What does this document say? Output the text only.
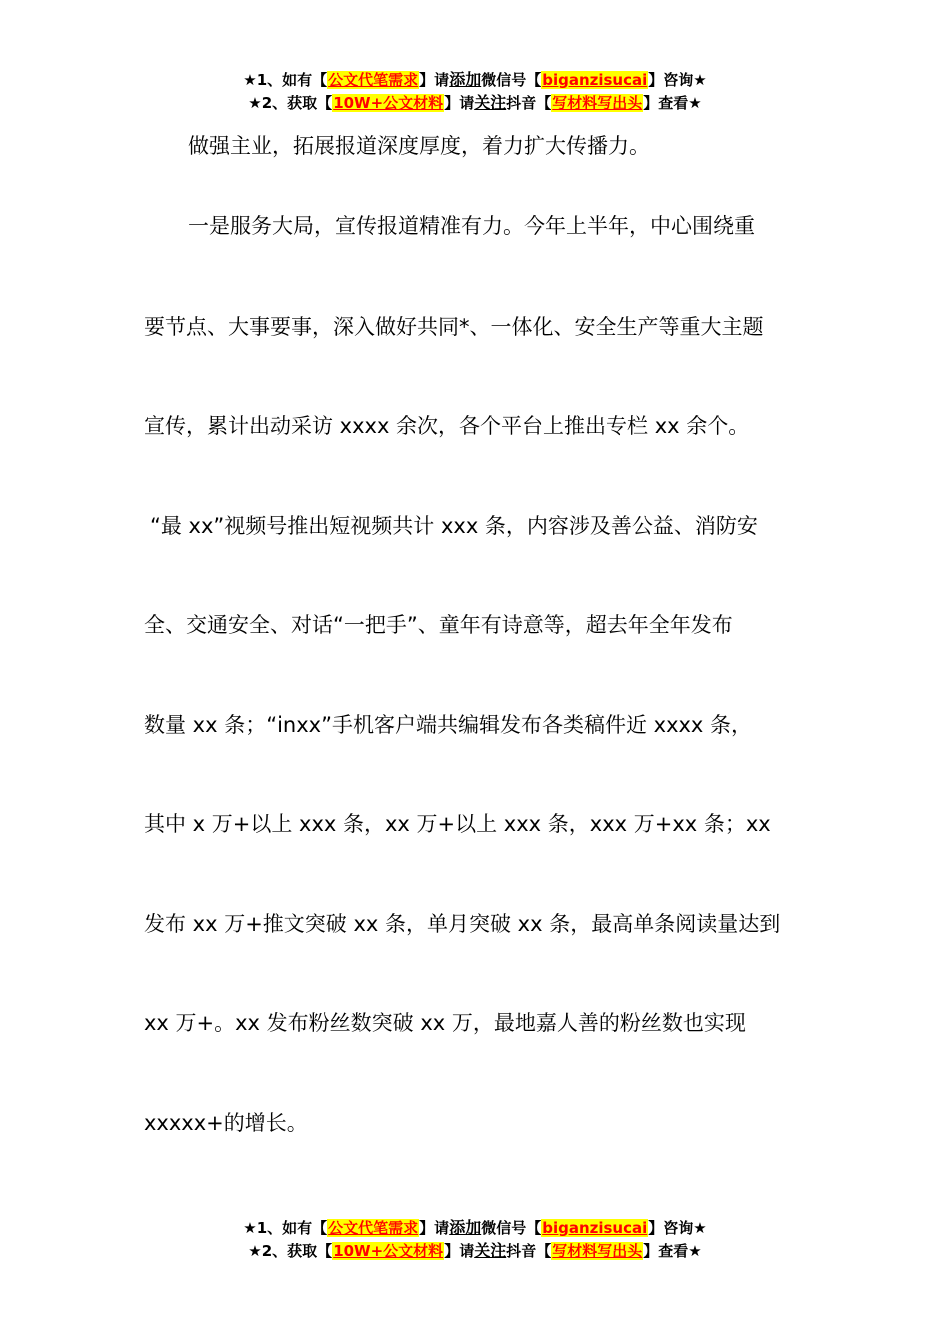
★1、如有【公文代笔需求】请添加微信号【biganzisucai】咨询★
★2、获取【10W+公文材料】请关注抖音【写材料写出头】查看★

做强主业，拓展报道深度厚度，着力扩大传播力。

一是服务大局，宣传报道精准有力。今年上半年，中心围绕重

要节点、大事要事，深入做好共同*、一体化、安全生产等重大主题

宣传，累计出动采访 xxxx 余次，各个平台上推出专栏 xx 余个。

“最 xx”视频号推出短视频共计 xxx 条，内容涉及善公益、消防安

全、交通安全、对话“一把手”、童年有诗意等，超去年全年发布

数量 xx 条；“inxx”手机客户端共编辑发布各类稿件近 xxxx 条，

其中 x 万+以上 xxx 条，xx 万+以上 xxx 条，xxx 万+xx 条；xx

发布 xx 万+推文突破 xx 条，单月突破 xx 条，最高单条阅读量达到

xx 万+。xx 发布粉丝数突破 xx 万，最地嘉人善的粉丝数也实现

xxxxx+的增长。

★1、如有【公文代笔需求】请添加微信号【biganzisucai】咨询★
★2、获取【10W+公文材料】请关注抖音【写材料写出头】查看★
